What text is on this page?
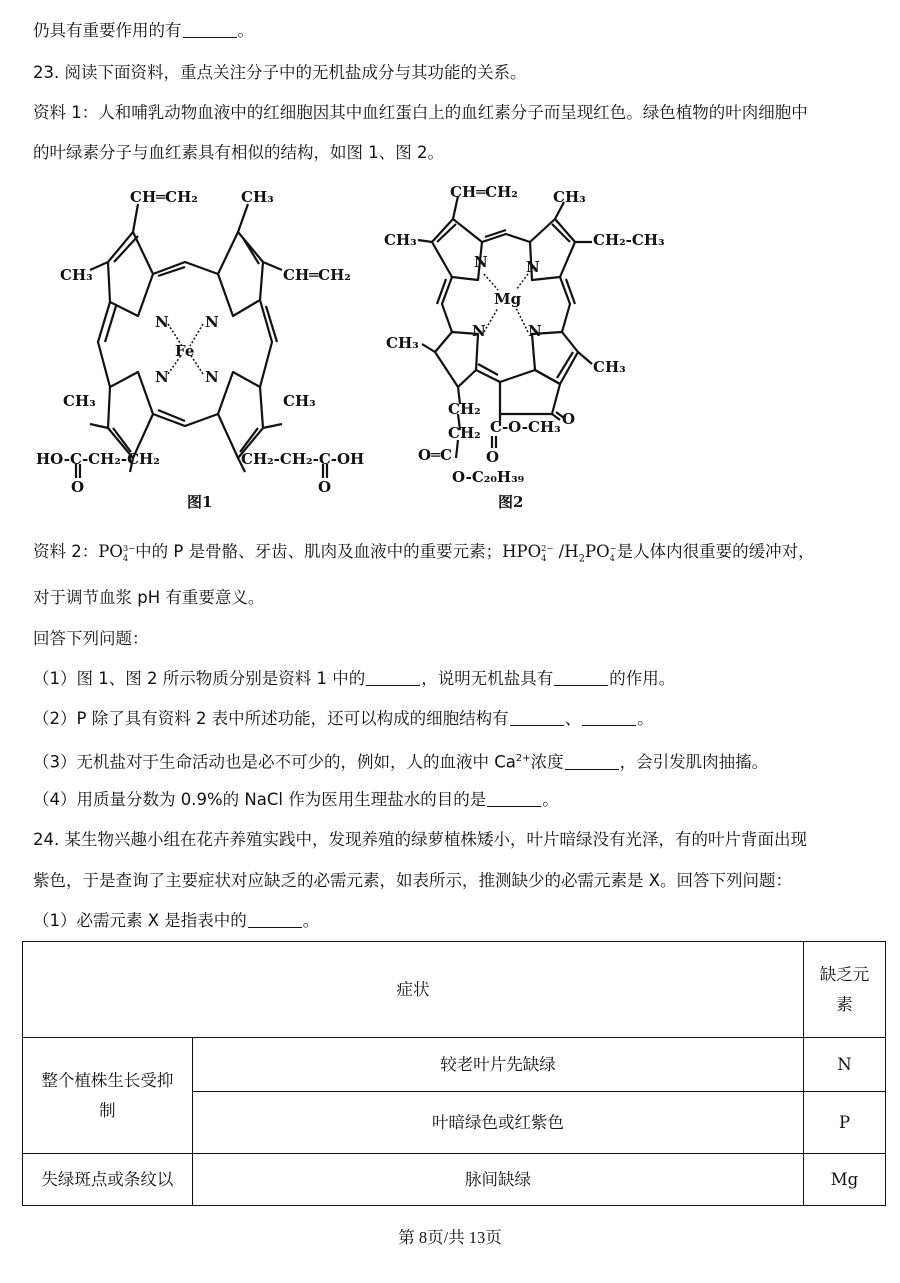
仍具有重要作用的有	。
23. 阅读下面资料，重点关注分子中的无机盐成分与其功能的关系。
资料 1：人和哺乳动物血液中的红细胞因其中血红蛋白上的血红素分子而呈现红色。绿色植物的叶肉细胞中
的叶绿素分子与血红素具有相似的结构，如图 1、图 2。
CH═CH₂	CH₃
CH₃	CH═CH₂
N N
Fe
N N
CH₃	CH₃
HO-C-CH₂-CH₂	CH₂-CH₂-C-OH
O	O
图1
CH═CH₂ CH₃
CH₃	CH₂-CH₃
N	N
Mg
N	N
CH₃
CH₃
CH₂
CH₂ C-O-CH₃ O
O═C O
O-C₂₀H₃₉
图2
资料 2：PO 3−
4 中的 P 是骨骼、牙齿、肌肉及血液中的重要元素；HPO 2−
4 $/H_2PO$ −
4 是人体内很重要的缓冲对，
对于调节血浆 pH 有重要意义。
回答下列问题：
（1）图 1、图 2 所示物质分别是资料 1 中的	，说明无机盐具有	的作用。
（2）P 除了具有资料 2 表中所述功能，还可以构成的细胞结构有	、	。
（3）无机盐对于生命活动也是必不可少的，例如，人的血液中 $Ca^{2+}$浓度	，会引发肌肉抽搐。
（4）用质量分数为 0.9%的 NaCl 作为医用生理盐水的目的是	。
24. 某生物兴趣小组在花卉养殖实践中，发现养殖的绿萝植株矮小，叶片暗绿没有光泽，有的叶片背面出现
紫色，于是查询了主要症状对应缺乏的必需元素，如表所示，推测缺少的必需元素是 X。回答下列问题：
（1）必需元素 X 是指表中的	。
症状		缺乏元素
整个植株生长受抑制	较老叶片先缺绿	N
	叶暗绿色或红紫色	P
失绿斑点或条纹以	脉间缺绿	Mg
第 8页/共 13页
